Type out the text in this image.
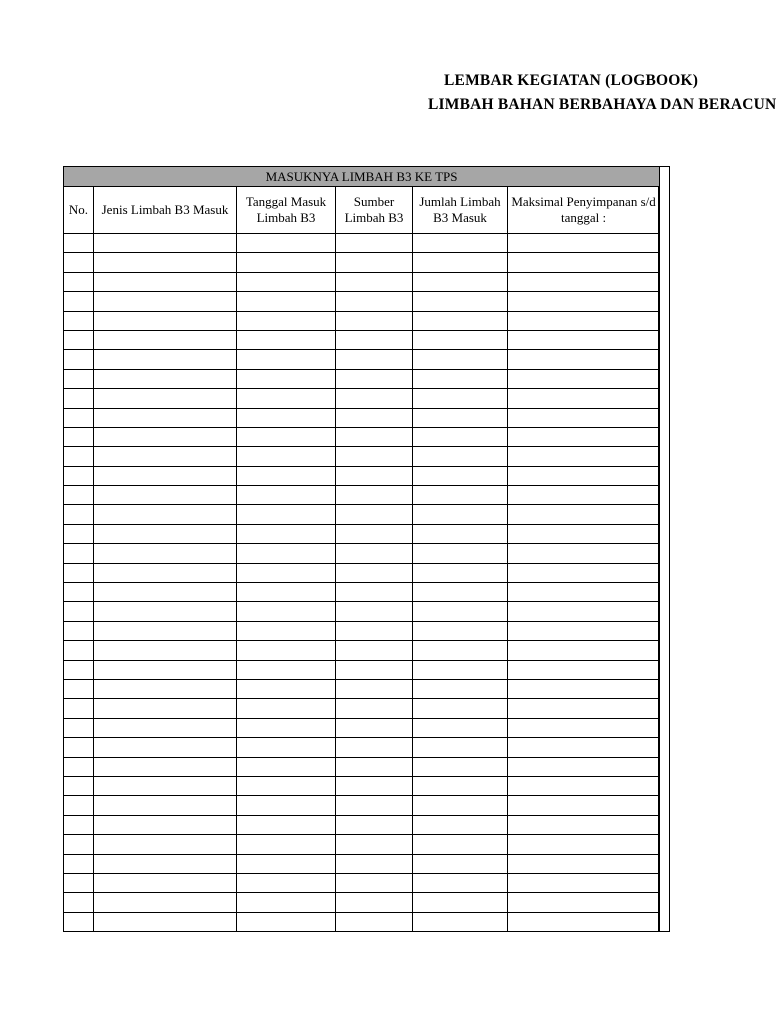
LEMBAR KEGIATAN (LOGBOOK)
LIMBAH BAHAN BERBAHAYA DAN BERACUN
MASUKNYA LIMBAH B3 KE TPS					
No.	Jenis Limbah B3 Masuk	Tanggal Masuk Limbah B3	Sumber Limbah B3	Jumlah Limbah B3 Masuk	Maksimal Penyimpanan s/d tanggal :
